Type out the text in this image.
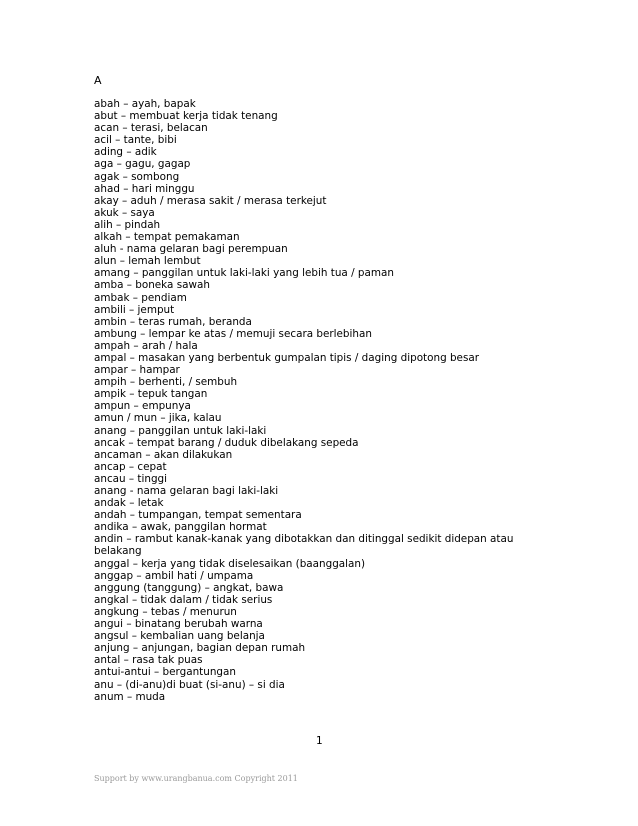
A
abah – ayah, bapak
abut – membuat kerja tidak tenang
acan – terasi, belacan
acil – tante, bibi
ading – adik
aga – gagu, gagap
agak – sombong
ahad – hari minggu
akay – aduh / merasa sakit / merasa terkejut
akuk – saya
alih – pindah
alkah – tempat pemakaman
aluh - nama gelaran bagi perempuan
alun – lemah lembut
amang – panggilan untuk laki-laki yang lebih tua / paman
amba – boneka sawah
ambak – pendiam
ambili – jemput
ambin – teras rumah, beranda
ambung – lempar ke atas / memuji secara berlebihan
ampah – arah / hala
ampal – masakan yang berbentuk gumpalan tipis / daging dipotong besar
ampar – hampar
ampih – berhenti, / sembuh
ampik – tepuk tangan
ampun – empunya
amun / mun – jika, kalau
anang – panggilan untuk laki-laki
ancak – tempat barang / duduk dibelakang sepeda
ancaman – akan dilakukan
ancap – cepat
ancau – tinggi
anang - nama gelaran bagi laki-laki
andak – letak
andah – tumpangan, tempat sementara
andika – awak, panggilan hormat
andin – rambut kanak-kanak yang dibotakkan dan ditinggal sedikit didepan atau belakang
anggal – kerja yang tidak diselesaikan (baanggalan)
anggap – ambil hati / umpama
anggung (tanggung) – angkat, bawa
angkal – tidak dalam / tidak serius
angkung – tebas / menurun
angui – binatang berubah warna
angsul – kembalian uang belanja
anjung – anjungan, bagian depan rumah
antal – rasa tak puas
antui-antui – bergantungan
anu – (di-anu)di buat (si-anu) – si dia
anum – muda
1
Support by www.urangbanua.com Copyright 2011
